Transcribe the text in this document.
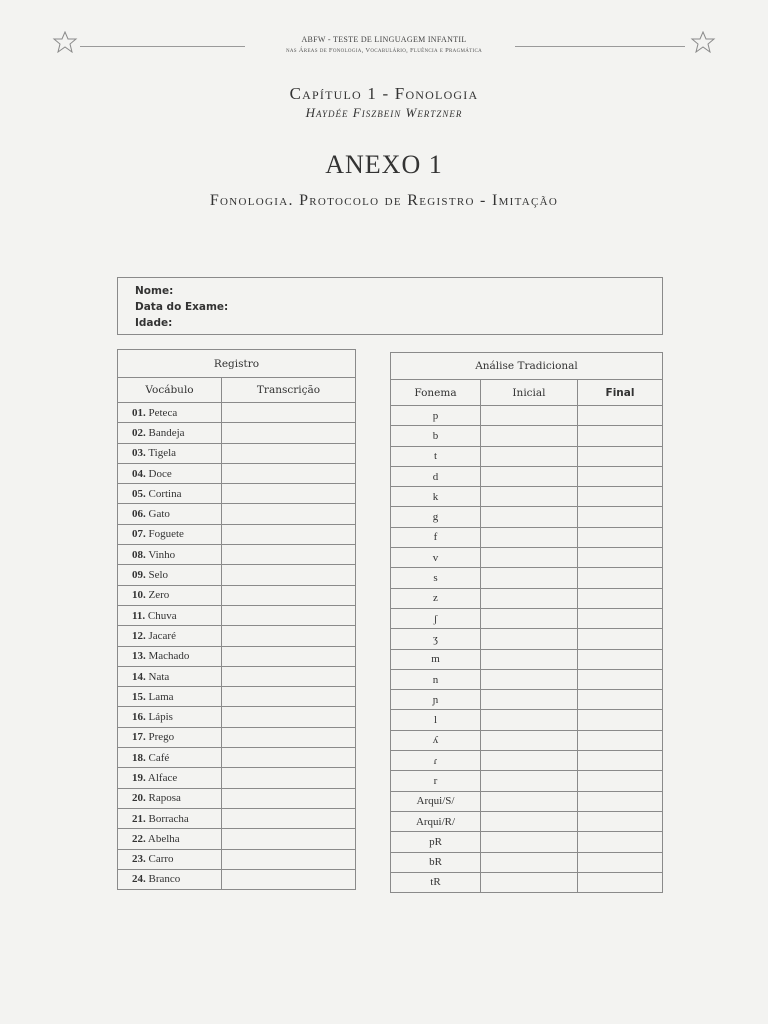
ABFW - TESTE DE LINGUAGEM INFANTIL
nas Áreas de Fonologia, Vocabulário, Fluência e Pragmática
Capítulo 1 - Fonologia
Haydée Fiszbein Wertzner
ANEXO 1
Fonologia. Protocolo de Registro - Imitação
Nome:
Data do Exame:
Idade:
Registro	
Vocábulo	Transcrição
01. Peteca	
02. Bandeja	
03. Tigela	
04. Doce	
05. Cortina	
06. Gato	
07. Foguete	
08. Vinho	
09. Selo	
10. Zero	
11. Chuva	
12. Jacaré	
13. Machado	
14. Nata	
15. Lama	
16. Lápis	
17. Prego	
18. Café	
19. Alface	
20. Raposa	
21. Borracha	
22. Abelha	
23. Carro	
24. Branco	
Análise Tradicional		
Fonema	Inicial	Final
p		
b		
t		
d		
k		
g		
f		
v		
s		
z		
ʃ		
ʒ		
m		
n		
ɲ		
l		
ʎ		
ɾ		
r		
Arqui/S/		
Arqui/R/		
pR		
bR		
tR		
